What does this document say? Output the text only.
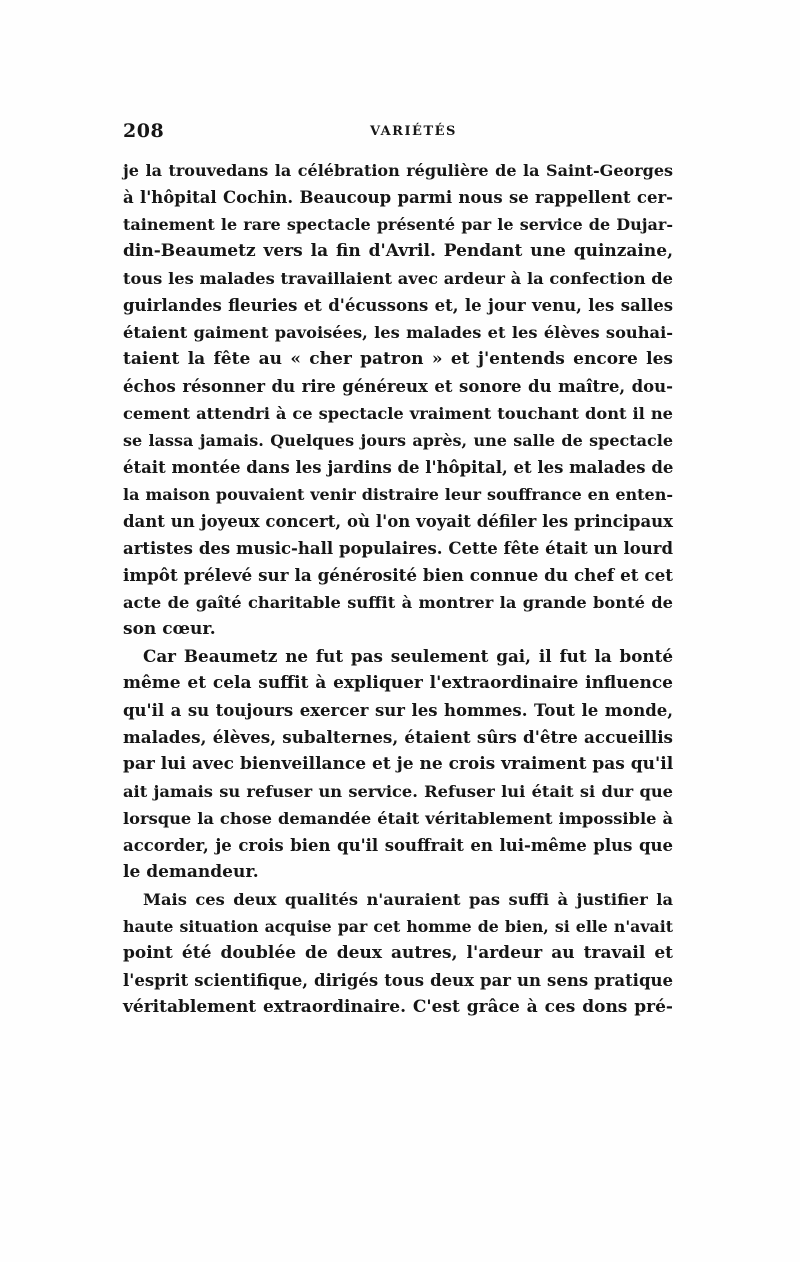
208	VARIÉTÉS
je la trouvedans la célébration régulière de la Saint-Georges
à l'hôpital Cochin. Beaucoup parmi nous se rappellent cer-
tainement le rare spectacle présenté par le service de Dujar-
din-Beaumetz vers la fin d'Avril. Pendant une quinzaine,
tous les malades travaillaient avec ardeur à la confection de
guirlandes fleuries et d'écussons et, le jour venu, les salles
étaient gaiment pavoisées, les malades et les élèves souhai-
taient la fête au « cher patron » et j'entends encore les
échos résonner du rire généreux et sonore du maître, dou-
cement attendri à ce spectacle vraiment touchant dont il ne
se lassa jamais. Quelques jours après, une salle de spectacle
était montée dans les jardins de l'hôpital, et les malades de
la maison pouvaient venir distraire leur souffrance en enten-
dant un joyeux concert, où l'on voyait défiler les principaux
artistes des music-hall populaires. Cette fête était un lourd
impôt prélevé sur la générosité bien connue du chef et cet
acte de gaîté charitable suffit à montrer la grande bonté de
son cœur.
Car Beaumetz ne fut pas seulement gai, il fut la bonté
même et cela suffit à expliquer l'extraordinaire influence
qu'il a su toujours exercer sur les hommes. Tout le monde,
malades, élèves, subalternes, étaient sûrs d'être accueillis
par lui avec bienveillance et je ne crois vraiment pas qu'il
ait jamais su refuser un service. Refuser lui était si dur que
lorsque la chose demandée était véritablement impossible à
accorder, je crois bien qu'il souffrait en lui-même plus que
le demandeur.
Mais ces deux qualités n'auraient pas suffi à justifier la
haute situation acquise par cet homme de bien, si elle n'avait
point été doublée de deux autres, l'ardeur au travail et
l'esprit scientifique, dirigés tous deux par un sens pratique
véritablement extraordinaire. C'est grâce à ces dons pré-
